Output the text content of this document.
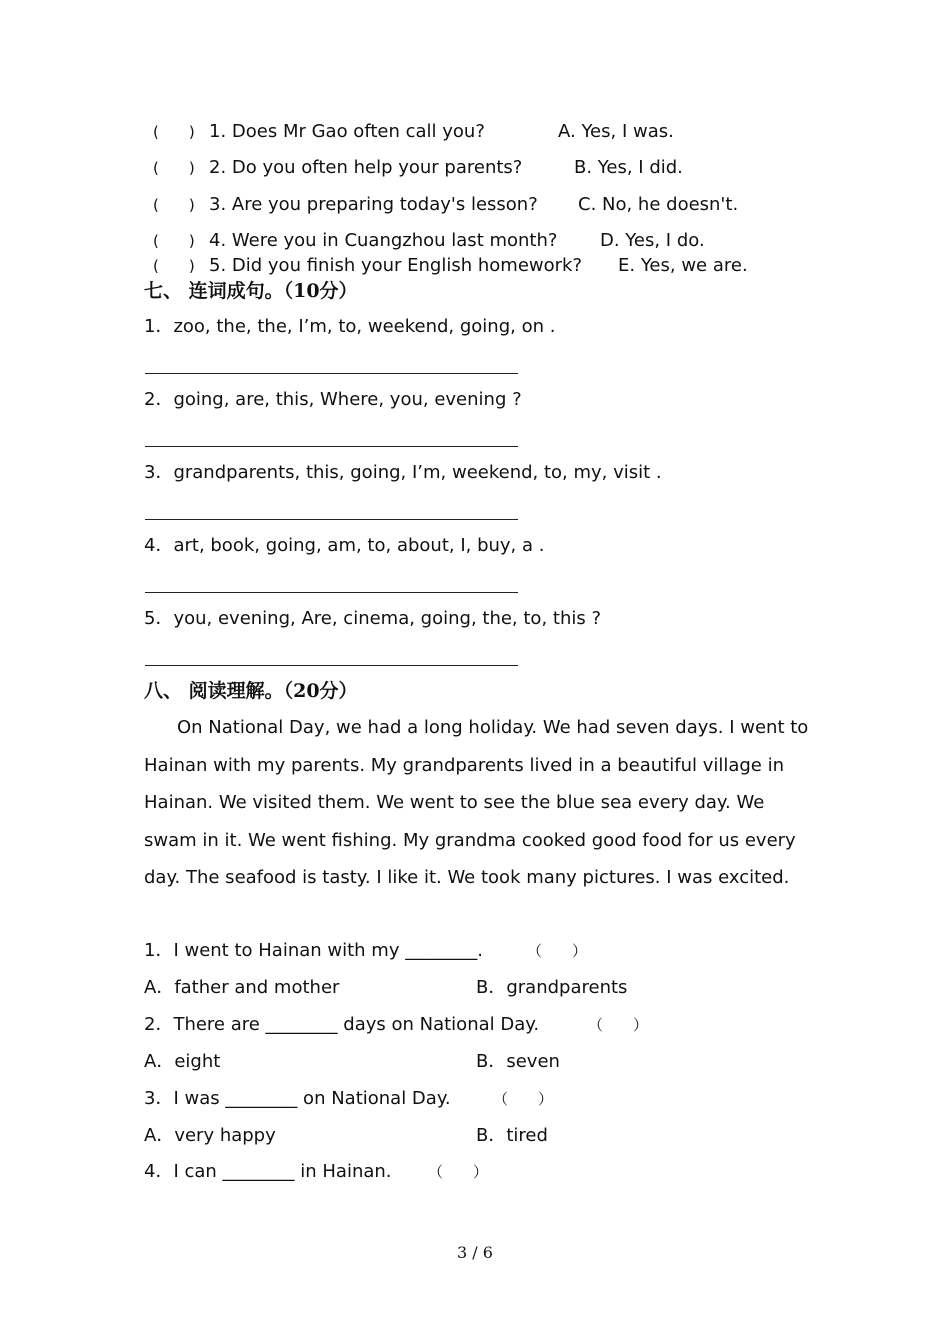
(　　) 1. Does Mr Gao often call you?	A. Yes, I was.
(　　) 2. Do you often help your parents?	B. Yes, I did.
(　　) 3. Are you preparing today's lesson? C. No, he doesn't.
(　　) 4. Were you in Cuangzhou last month? D. Yes, I do.
(　　) 5. Did you finish your English homework? E. Yes, we are.
七、 连词成句。（10分）
1．zoo, the, the, I’m, to, weekend, going, on .
2．going, are, this, Where, you, evening ?
3．grandparents, this, going, I’m, weekend, to, my, visit .
4．art, book, going, am, to, about, I, buy, a .
5．you, evening, Are, cinema, going, the, to, this ?
八、 阅读理解。（20分）
On National Day, we had a long holiday. We had seven days. I went to Hainan with my parents. My grandparents lived in a beautiful village in Hainan. We visited them. We went to see the blue sea every day. We swam in it. We went fishing. My grandma cooked good food for us every day. The seafood is tasty. I like it. We took many pictures. I was excited.
1．I went to Hainan with my ________.	（　　）
A．father and mother	B．grandparents
2．There are ________ days on National Day.	（　　）
A．eight	B．seven
3．I was ________ on National Day.	（　　）
A．very happy	B．tired
4．I can ________ in Hainan. （　　）
3 / 6
